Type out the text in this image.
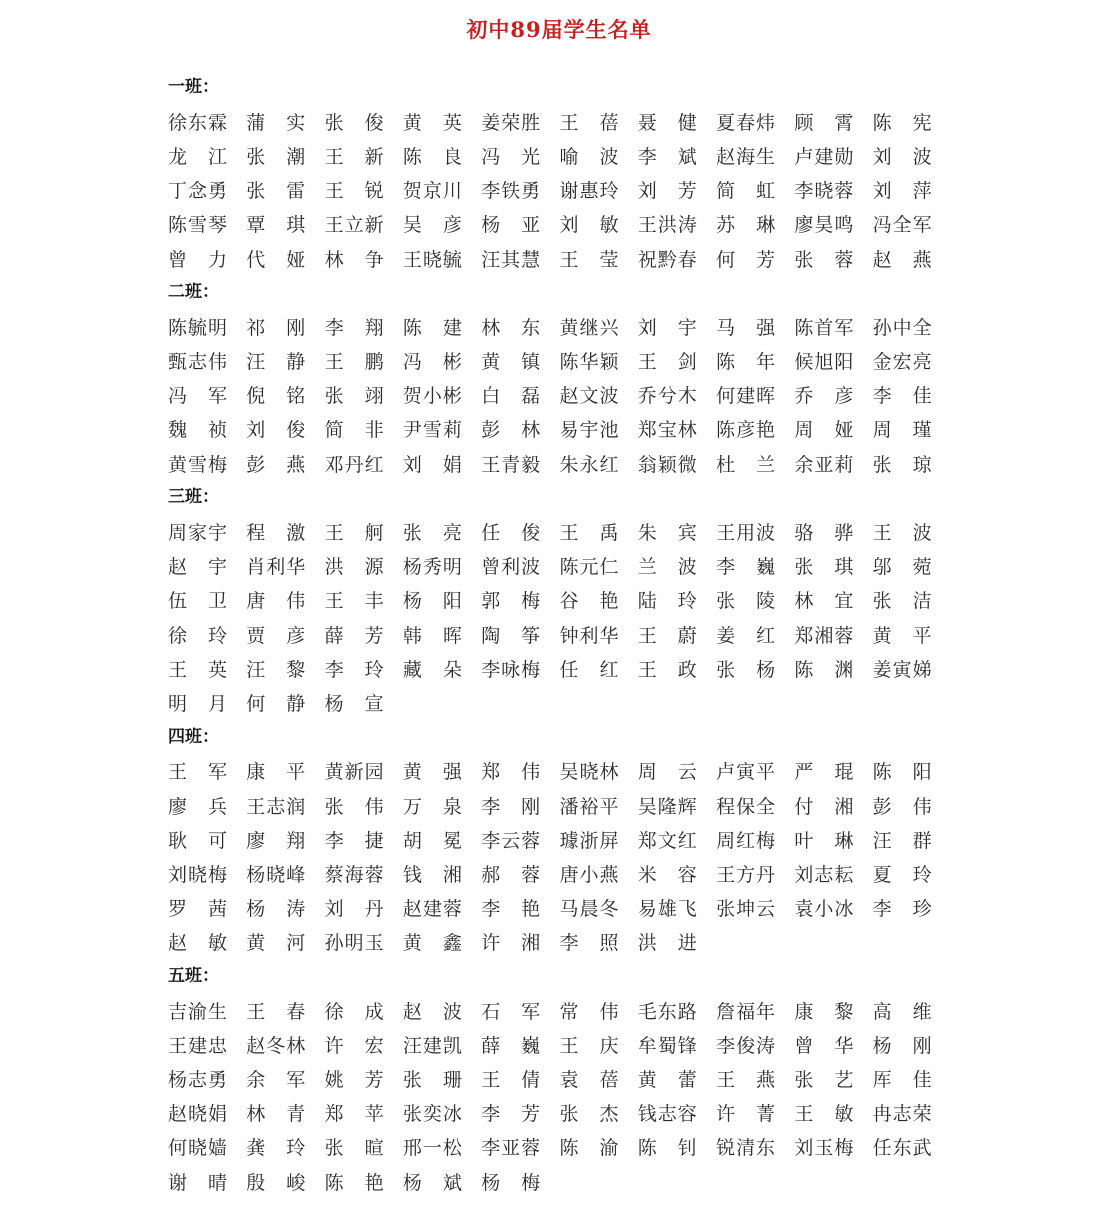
初中89届学生名单
一班：
徐 东 霖 蒲 实 张 俊 黄 英 姜 荣 胜 王 蓓 聂 健 夏 春 炜 顾 霄 陈 宪
龙 江 张 潮 王 新 陈 良 冯 光 喻 波 李 斌 赵 海 生 卢 建 勋 刘 波
丁 念 勇 张 雷 王 锐 贺 京 川 李 铁 勇 谢 惠 玲 刘 芳 简 虹 李 晓 蓉 刘 萍
陈 雪 琴 覃 琪 王 立 新 吴 彦 杨 亚 刘 敏 王 洪 涛 苏 琳 廖 昊 鸣 冯 全 军
曾 力 代 娅 林 争 王 晓 毓 汪 其 慧 王 莹 祝 黔 春 何 芳 张 蓉 赵 燕
二班：
陈 毓 明 祁 刚 李 翔 陈 建 林 东 黄 继 兴 刘 宇 马 强 陈 首 军 孙 中 全
甄 志 伟 汪 静 王 鹏 冯 彬 黄 镇 陈 华 颖 王 剑 陈 年 候 旭 阳 金 宏 亮
冯 军 倪 铭 张 翊 贺 小 彬 白 磊 赵 文 波 乔 兮 木 何 建 晖 乔 彦 李 佳
魏 祯 刘 俊 简 非 尹 雪 莉 彭 林 易 宇 池 郑 宝 林 陈 彦 艳 周 娅 周 瑾
黄 雪 梅 彭 燕 邓 丹 红 刘 娟 王 青 毅 朱 永 红 翁 颖 微 杜 兰 余 亚 莉 张 琼
三班：
周 家 宇 程 激 王 舸 张 亮 任 俊 王 禹 朱 宾 王 用 波 骆 骅 王 波
赵 宇 肖 利 华 洪 源 杨 秀 明 曾 利 波 陈 元 仁 兰 波 李 巍 张 琪 邬 菀
伍 卫 唐 伟 王 丰 杨 阳 郭 梅 谷 艳 陆 玲 张 陵 林 宜 张 洁
徐 玲 贾 彦 薛 芳 韩 晖 陶 筝 钟 利 华 王 蔚 姜 红 郑 湘 蓉 黄 平
王 英 汪 黎 李 玲 藏 朵 李 咏 梅 任 红 王 政 张 杨 陈 渊 姜 寅 娣
明 月 何 静 杨 宣
四班：
王 军 康 平 黄 新 园 黄 强 郑 伟 吴 晓 林 周 云 卢 寅 平 严 琨 陈 阳
廖 兵 王 志 润 张 伟 万 泉 李 刚 潘 裕 平 吴 隆 辉 程 保 全 付 湘 彭 伟
耿 可 廖 翔 李 捷 胡 冕 李 云 蓉 璩 浙 屏 郑 文 红 周 红 梅 叶 琳 汪 群
刘 晓 梅 杨 晓 峰 蔡 海 蓉 钱 湘 郝 蓉 唐 小 燕 米 容 王 方 丹 刘 志 耘 夏 玲
罗 茜 杨 涛 刘 丹 赵 建 蓉 李 艳 马 晨 冬 易 雄 飞 张 坤 云 袁 小 冰 李 珍
赵 敏 黄 河 孙 明 玉 黄 鑫 许 湘 李 照 洪 进
五班：
吉 渝 生 王 春 徐 成 赵 波 石 军 常 伟 毛 东 路 詹 福 年 康 黎 高 维
王 建 忠 赵 冬 林 许 宏 汪 建 凯 薛 巍 王 庆 牟 蜀 锋 李 俊 涛 曾 华 杨 刚
杨 志 勇 余 军 姚 芳 张 珊 王 倩 袁 蓓 黄 蕾 王 燕 张 艺 厍 佳
赵 晓 娟 林 青 郑 苹 张 奕 冰 李 芳 张 杰 钱 志 容 许 菁 王 敏 冉 志 荣
何 晓 嫱 龚 玲 张 暄 邢 一 松 李 亚 蓉 陈 渝 陈 钊 锐 清 东 刘 玉 梅 任 东 武
谢 晴 殷 峻 陈 艳 杨 斌 杨 梅
